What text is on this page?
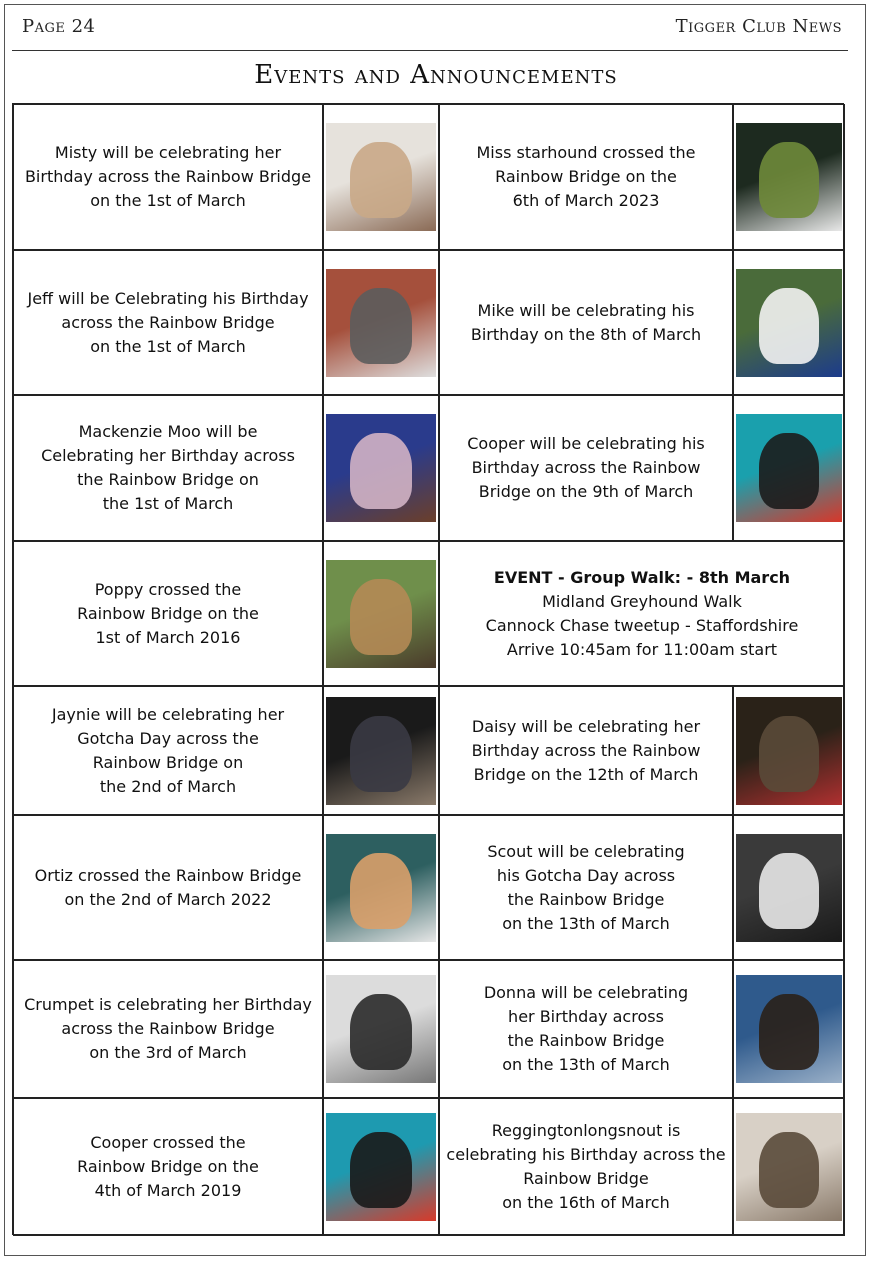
Page 24	Tigger Club News
Events and Announcements
Misty will be celebrating her
Birthday across the Rainbow Bridge
on the 1st of March
Miss starhound crossed the
Rainbow Bridge on the
6th of March 2023
Jeff will be Celebrating his Birthday
across the Rainbow Bridge
on the 1st of March
Mike will be celebrating his
Birthday on the 8th of March
Mackenzie Moo will be
Celebrating her Birthday across
the Rainbow Bridge on
the 1st of March
Cooper will be celebrating his
Birthday across the Rainbow
Bridge on the 9th of March
Poppy crossed the
Rainbow Bridge on the
1st of March 2016
EVENT - Group Walk: - 8th March
Midland Greyhound Walk
Cannock Chase tweetup - Staffordshire
Arrive 10:45am for 11:00am start
Jaynie will be celebrating her
Gotcha Day across the
Rainbow Bridge on
the 2nd of March
Daisy will be celebrating her
Birthday across the Rainbow
Bridge on the 12th of March
Ortiz crossed the Rainbow Bridge
on the 2nd of March 2022
Scout will be celebrating
his Gotcha Day across
the Rainbow Bridge
on the 13th of March
Crumpet is celebrating her Birthday
across the Rainbow Bridge
on the 3rd of March
Donna will be celebrating
her Birthday across
the Rainbow Bridge
on the 13th of March
Cooper crossed the
Rainbow Bridge on the
4th of March 2019
Reggingtonlongsnout is
celebrating his Birthday across the
Rainbow Bridge
on the 16th of March
